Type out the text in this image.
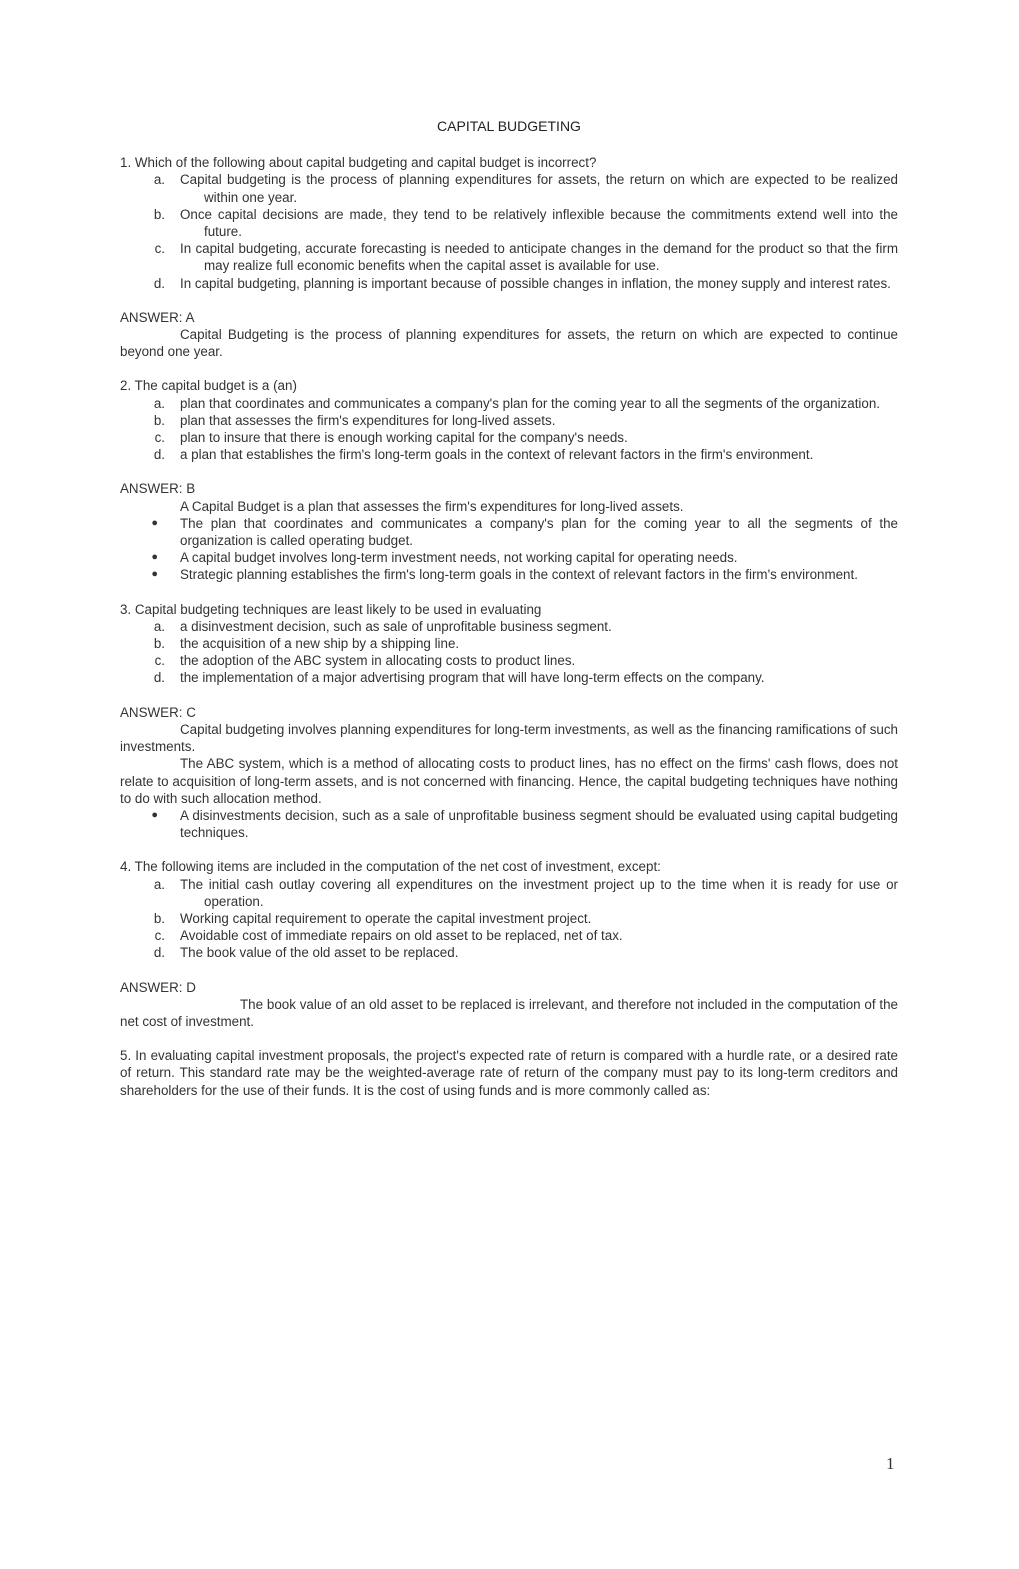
CAPITAL BUDGETING

1. Which of the following about capital budgeting and capital budget is incorrect?

a.	Capital budgeting is the process of planning expenditures for assets, the return on which are expected to be realized within one year.
b.	Once capital decisions are made, they tend to be relatively inflexible because the commitments extend well into the future.
c.	In capital budgeting, accurate forecasting is needed to anticipate changes in the demand for the product so that the firm may realize full economic benefits when the capital asset is available for use.
d.	In capital budgeting, planning is important because of possible changes in inflation, the money supply and interest rates.

ANSWER: A

Capital Budgeting is the process of planning expenditures for assets, the return on which are expected to continue beyond one year.

2. The capital budget is a (an)

a.	plan that coordinates and communicates a company's plan for the coming year to all the segments of the organization.
b.	plan that assesses the firm's expenditures for long-lived assets.
c.	plan to insure that there is enough working capital for the company's needs.
d.	a plan that establishes the firm's long-term goals in the context of relevant factors in the firm's environment.

ANSWER: B

A Capital Budget is a plan that assesses the firm's expenditures for long-lived assets.

●	The plan that coordinates and communicates a company's plan for the coming year to all the segments of the organization is called operating budget.
●	A capital budget involves long-term investment needs, not working capital for operating needs.
●	Strategic planning establishes the firm's long-term goals in the context of relevant factors in the firm's environment.

3. Capital budgeting techniques are least likely to be used in evaluating

a.	a disinvestment decision, such as sale of unprofitable business segment.
b.	the acquisition of a new ship by a shipping line.
c.	the adoption of the ABC system in allocating costs to product lines.
d.	the implementation of a major advertising program that will have long-term effects on the company.

ANSWER: C

Capital budgeting involves planning expenditures for long-term investments, as well as the financing ramifications of such investments.

The ABC system, which is a method of allocating costs to product lines, has no effect on the firms' cash flows, does not relate to acquisition of long-term assets, and is not concerned with financing. Hence, the capital budgeting techniques have nothing to do with such allocation method.

●	A disinvestments decision, such as a sale of unprofitable business segment should be evaluated using capital budgeting techniques.

4. The following items are included in the computation of the net cost of investment, except:

a.	The initial cash outlay covering all expenditures on the investment project up to the time when it is ready for use or operation.
b.	Working capital requirement to operate the capital investment project.
c.	Avoidable cost of immediate repairs on old asset to be replaced, net of tax.
d.	The book value of the old asset to be replaced.

ANSWER: D

The book value of an old asset to be replaced is irrelevant, and therefore not included in the computation of the net cost of investment.

5. In evaluating capital investment proposals, the project's expected rate of return is compared with a hurdle rate, or a desired rate of return. This standard rate may be the weighted-average rate of return of the company must pay to its long-term creditors and shareholders for the use of their funds. It is the cost of using funds and is more commonly called as:

1
